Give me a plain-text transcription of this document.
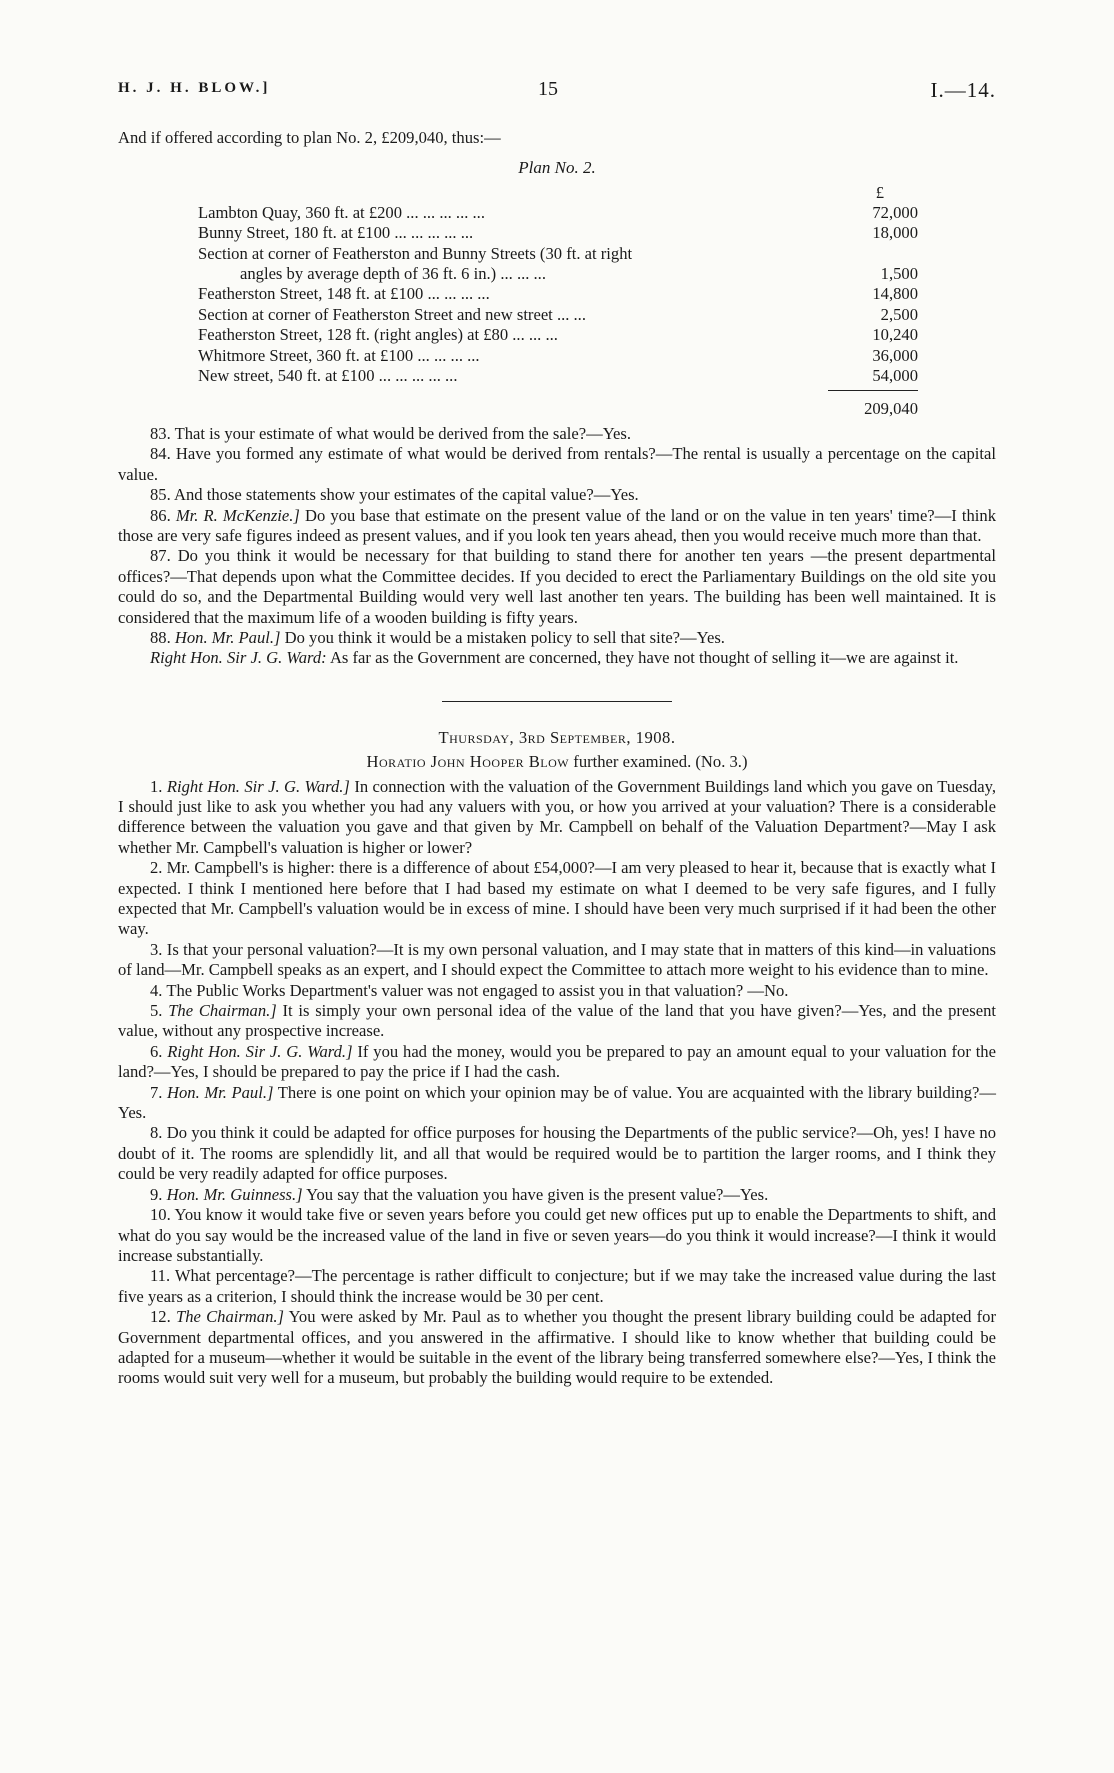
H. J. H. BLOW.]	15	I.—14.

And if offered according to plan No. 2, £209,040, thus:—

Plan No. 2.

£
Lambton Quay, 360 ft. at £200 ... ... ... ... ...	72,000
Bunny Street, 180 ft. at £100 ... ... ... ... ...	18,000
Section at corner of Featherston and Bunny Streets (30 ft. at right
angles by average depth of 36 ft. 6 in.) ... ... ...	1,500
Featherston Street, 148 ft. at £100 ... ... ... ...	14,800
Section at corner of Featherston Street and new street ... ...	2,500
Featherston Street, 128 ft. (right angles) at £80 ... ... ...	10,240
Whitmore Street, 360 ft. at £100 ... ... ... ...	36,000
New street, 540 ft. at £100 ... ... ... ... ...	54,000
209,040

83. That is your estimate of what would be derived from the sale?—Yes.

84. Have you formed any estimate of what would be derived from rentals?—The rental is usually a percentage on the capital value.

85. And those statements show your estimates of the capital value?—Yes.

86. Mr. R. McKenzie.] Do you base that estimate on the present value of the land or on the value in ten years' time?—I think those are very safe figures indeed as present values, and if you look ten years ahead, then you would receive much more than that.

87. Do you think it would be necessary for that building to stand there for another ten years —the present departmental offices?—That depends upon what the Committee decides. If you decided to erect the Parliamentary Buildings on the old site you could do so, and the Departmental Building would very well last another ten years. The building has been well maintained. It is considered that the maximum life of a wooden building is fifty years.

88. Hon. Mr. Paul.] Do you think it would be a mistaken policy to sell that site?—Yes.

Right Hon. Sir J. G. Ward: As far as the Government are concerned, they have not thought of selling it—we are against it.

Thursday, 3rd September, 1908.

Horatio John Hooper Blow further examined. (No. 3.)

1. Right Hon. Sir J. G. Ward.] In connection with the valuation of the Government Buildings land which you gave on Tuesday, I should just like to ask you whether you had any valuers with you, or how you arrived at your valuation? There is a considerable difference between the valuation you gave and that given by Mr. Campbell on behalf of the Valuation Department?—May I ask whether Mr. Campbell's valuation is higher or lower?

2. Mr. Campbell's is higher: there is a difference of about £54,000?—I am very pleased to hear it, because that is exactly what I expected. I think I mentioned here before that I had based my estimate on what I deemed to be very safe figures, and I fully expected that Mr. Campbell's valuation would be in excess of mine. I should have been very much surprised if it had been the other way.

3. Is that your personal valuation?—It is my own personal valuation, and I may state that in matters of this kind—in valuations of land—Mr. Campbell speaks as an expert, and I should expect the Committee to attach more weight to his evidence than to mine.

4. The Public Works Department's valuer was not engaged to assist you in that valuation? —No.

5. The Chairman.] It is simply your own personal idea of the value of the land that you have given?—Yes, and the present value, without any prospective increase.

6. Right Hon. Sir J. G. Ward.] If you had the money, would you be prepared to pay an amount equal to your valuation for the land?—Yes, I should be prepared to pay the price if I had the cash.

7. Hon. Mr. Paul.] There is one point on which your opinion may be of value. You are acquainted with the library building?—Yes.

8. Do you think it could be adapted for office purposes for housing the Departments of the public service?—Oh, yes! I have no doubt of it. The rooms are splendidly lit, and all that would be required would be to partition the larger rooms, and I think they could be very readily adapted for office purposes.

9. Hon. Mr. Guinness.] You say that the valuation you have given is the present value?—Yes.

10. You know it would take five or seven years before you could get new offices put up to enable the Departments to shift, and what do you say would be the increased value of the land in five or seven years—do you think it would increase?—I think it would increase substantially.

11. What percentage?—The percentage is rather difficult to conjecture; but if we may take the increased value during the last five years as a criterion, I should think the increase would be 30 per cent.

12. The Chairman.] You were asked by Mr. Paul as to whether you thought the present library building could be adapted for Government departmental offices, and you answered in the affirmative. I should like to know whether that building could be adapted for a museum—whether it would be suitable in the event of the library being transferred somewhere else?—Yes, I think the rooms would suit very well for a museum, but probably the building would require to be extended.
